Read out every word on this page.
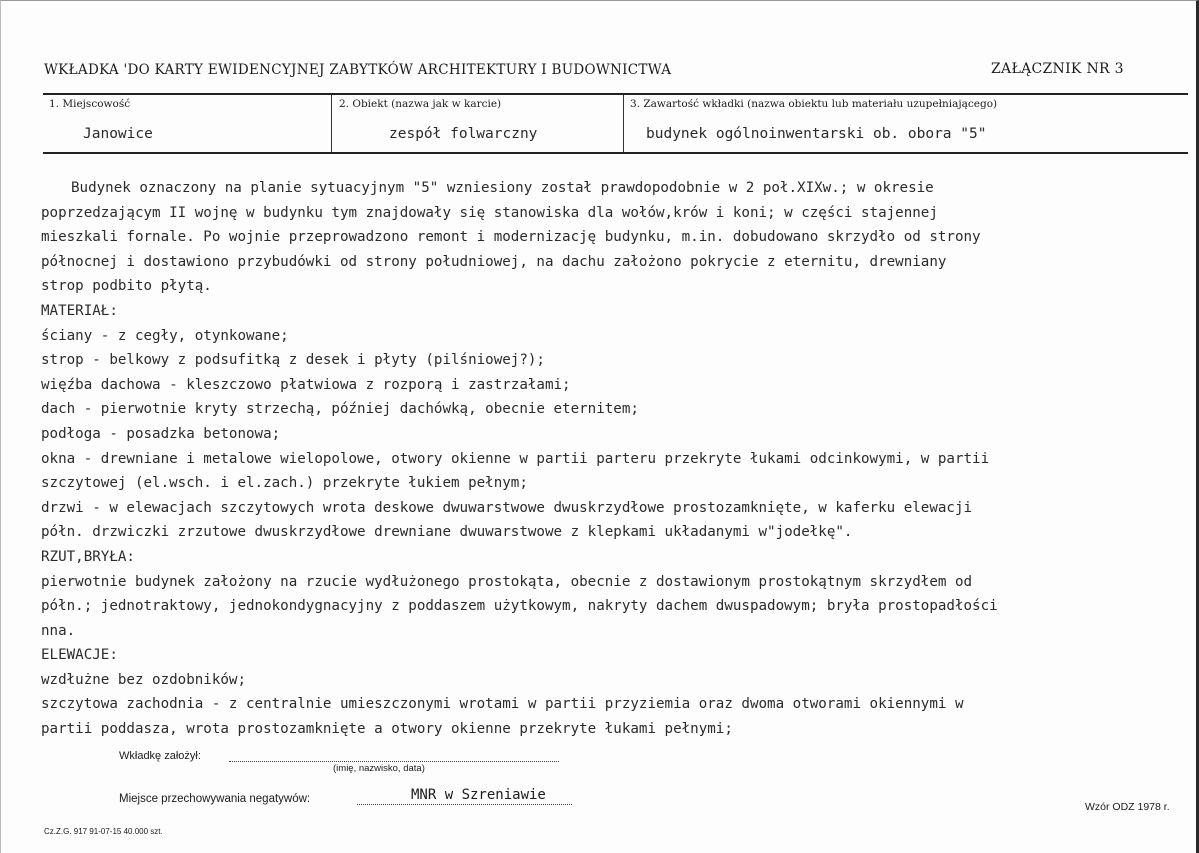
WKŁADKA 'DO KARTY EWIDENCYJNEJ ZABYTKÓW ARCHITEKTURY I BUDOWNICTWA	ZAŁĄCZNIK NR 3
1. Miejscowość
Janowice
2. Obiekt (nazwa jak w karcie)
zespół folwarczny
3. Zawartość wkładki (nazwa obiektu lub materiału uzupełniającego)
budynek ogólnoinwentarski ob. obora "5"
Budynek oznaczony na planie sytuacyjnym "5" wzniesiony został prawdopodobnie w 2 poł.XIXw.; w okresie
poprzedzającym II wojnę w budynku tym znajdowały się stanowiska dla wołów,krów i koni; w części stajennej
mieszkali fornale. Po wojnie przeprowadzono remont i modernizację budynku, m.in. dobudowano skrzydło od strony
północnej i dostawiono przybudówki od strony południowej, na dachu założono pokrycie z eternitu, drewniany
strop podbito płytą.
MATERIAŁ:
ściany - z cegły, otynkowane;
strop - belkowy z podsufitką z desek i płyty (pilśniowej?);
więźba dachowa - kleszczowo płatwiowa z rozporą i zastrzałami;
dach - pierwotnie kryty strzechą, później dachówką, obecnie eternitem;
podłoga - posadzka betonowa;
okna - drewniane i metalowe wielopolowe, otwory okienne w partii parteru przekryte łukami odcinkowymi, w partii
szczytowej (el.wsch. i el.zach.) przekryte łukiem pełnym;
drzwi - w elewacjach szczytowych wrota deskowe dwuwarstwowe dwuskrzydłowe prostozamknięte, w kaferku elewacji
półn. drzwiczki zrzutowe dwuskrzydłowe drewniane dwuwarstwowe z klepkami układanymi w"jodełkę".
RZUT,BRYŁA:
pierwotnie budynek założony na rzucie wydłużonego prostokąta, obecnie z dostawionym prostokątnym skrzydłem od
półn.; jednotraktowy, jednokondygnacyjny z poddaszem użytkowym, nakryty dachem dwuspadowym; bryła prostopadłości
nna.
ELEWACJE:
wzdłużne bez ozdobników;
szczytowa zachodnia - z centralnie umieszczonymi wrotami w partii przyziemia oraz dwoma otworami okiennymi w
partii poddasza, wrota prostozamknięte a otwory okienne przekryte łukami pełnymi;
Wkładkę założył:
(imię, nazwisko, data)
Miejsce przechowywania negatywów:	MNR w Szreniawie
Wzór ODZ 1978 r.
Cz.Z.G. 917 91-07-15 40.000 szt.
